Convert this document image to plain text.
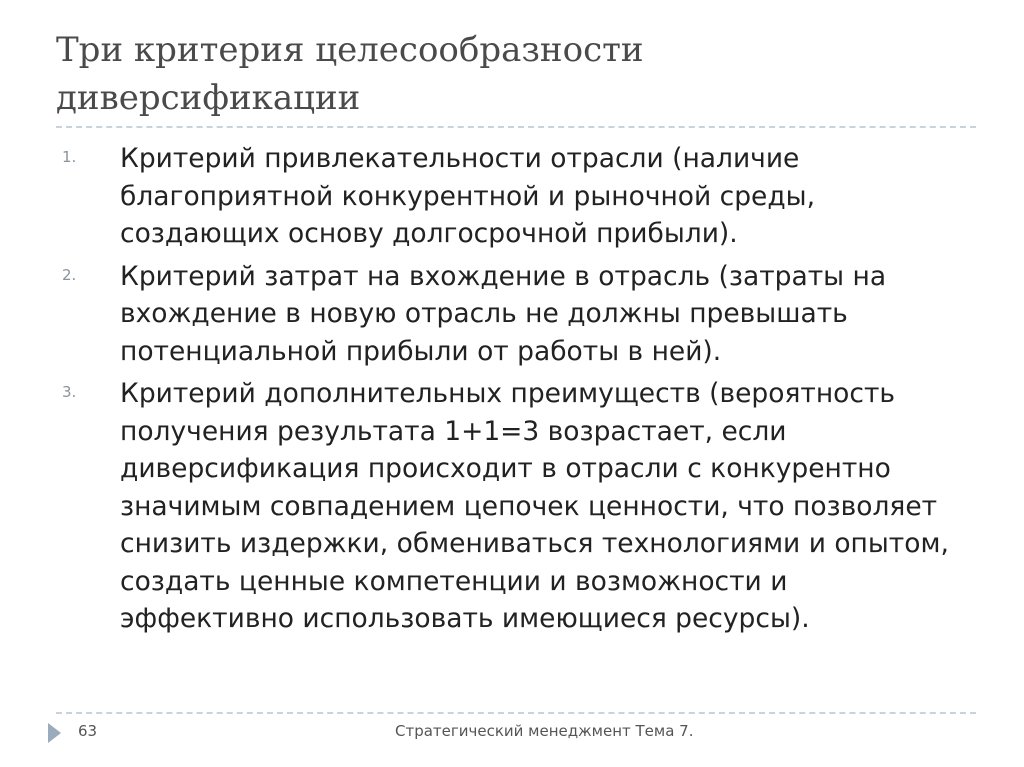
Три критерия целесообразности диверсификации
1.	Критерий привлекательности отрасли (наличие благоприятной конкурентной и рыночной среды, создающих основу долгосрочной прибыли).
2.	Критерий затрат на вхождение в отрасль (затраты на вхождение в новую отрасль не должны превышать потенциальной прибыли от работы в ней).
3.	Критерий дополнительных преимуществ (вероятность получения результата 1+1=3 возрастает, если диверсификация происходит в отрасли с конкурентно значимым совпадением цепочек ценности, что позволяет снизить издержки, обмениваться технологиями и опытом, создать ценные компетенции и возможности и эффективно использовать имеющиеся ресурсы).
63	Стратегический менеджмент Тема 7.
